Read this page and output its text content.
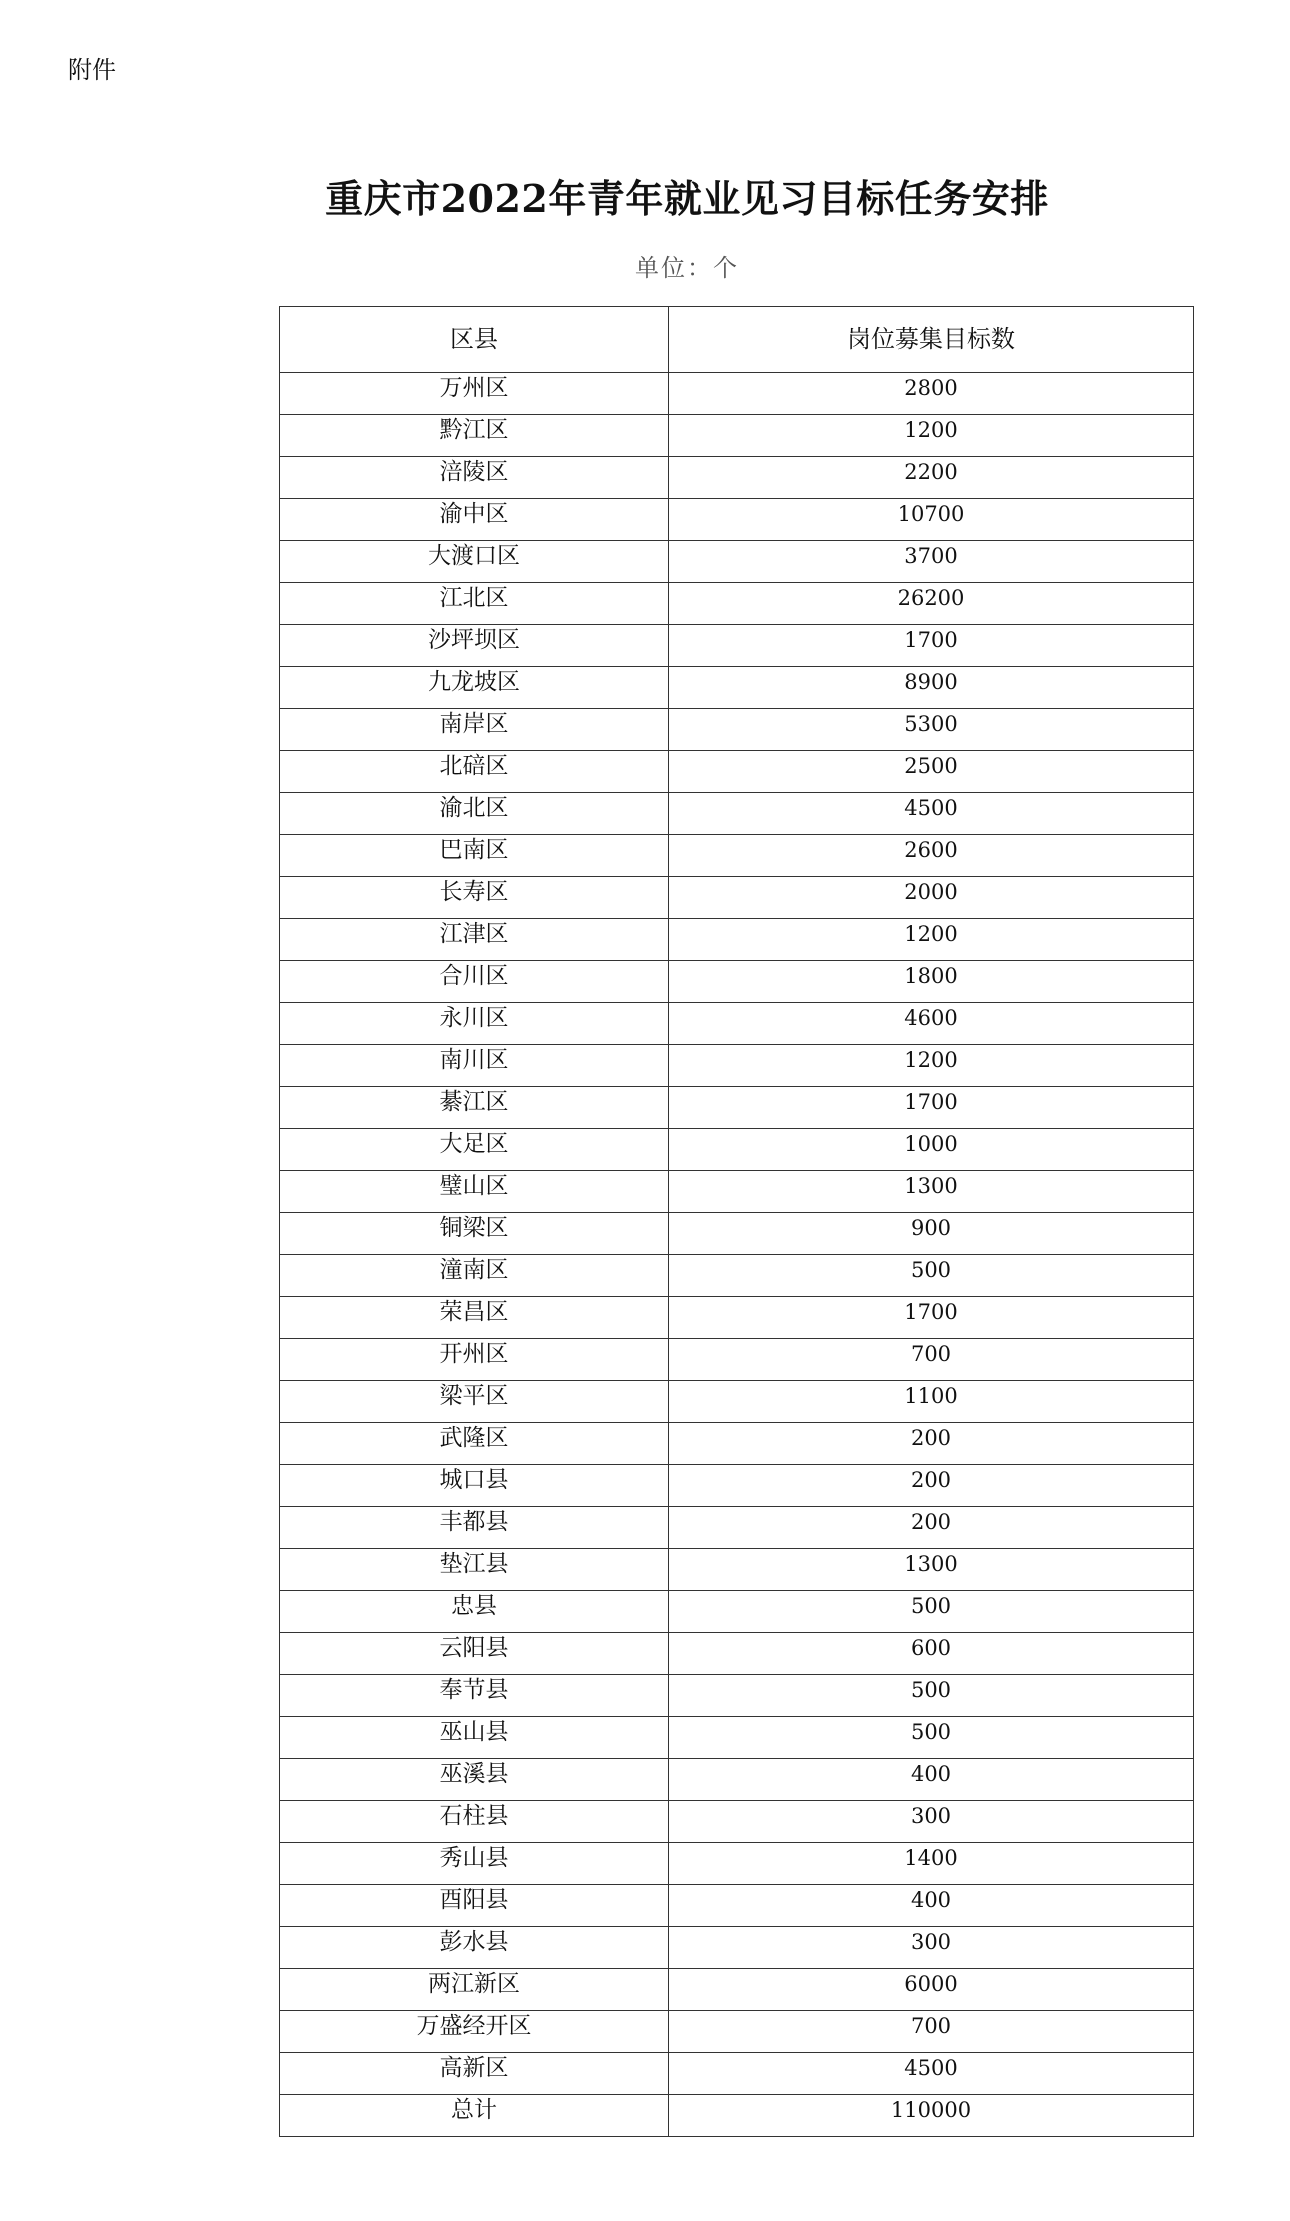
附件
重庆市2022年青年就业见习目标任务安排
单位：个
区县	岗位募集目标数
万州区	2800
黔江区	1200
涪陵区	2200
渝中区	10700
大渡口区	3700
江北区	26200
沙坪坝区	1700
九龙坡区	8900
南岸区	5300
北碚区	2500
渝北区	4500
巴南区	2600
长寿区	2000
江津区	1200
合川区	1800
永川区	4600
南川区	1200
綦江区	1700
大足区	1000
璧山区	1300
铜梁区	900
潼南区	500
荣昌区	1700
开州区	700
梁平区	1100
武隆区	200
城口县	200
丰都县	200
垫江县	1300
忠县	500
云阳县	600
奉节县	500
巫山县	500
巫溪县	400
石柱县	300
秀山县	1400
酉阳县	400
彭水县	300
两江新区	6000
万盛经开区	700
高新区	4500
总计	110000
